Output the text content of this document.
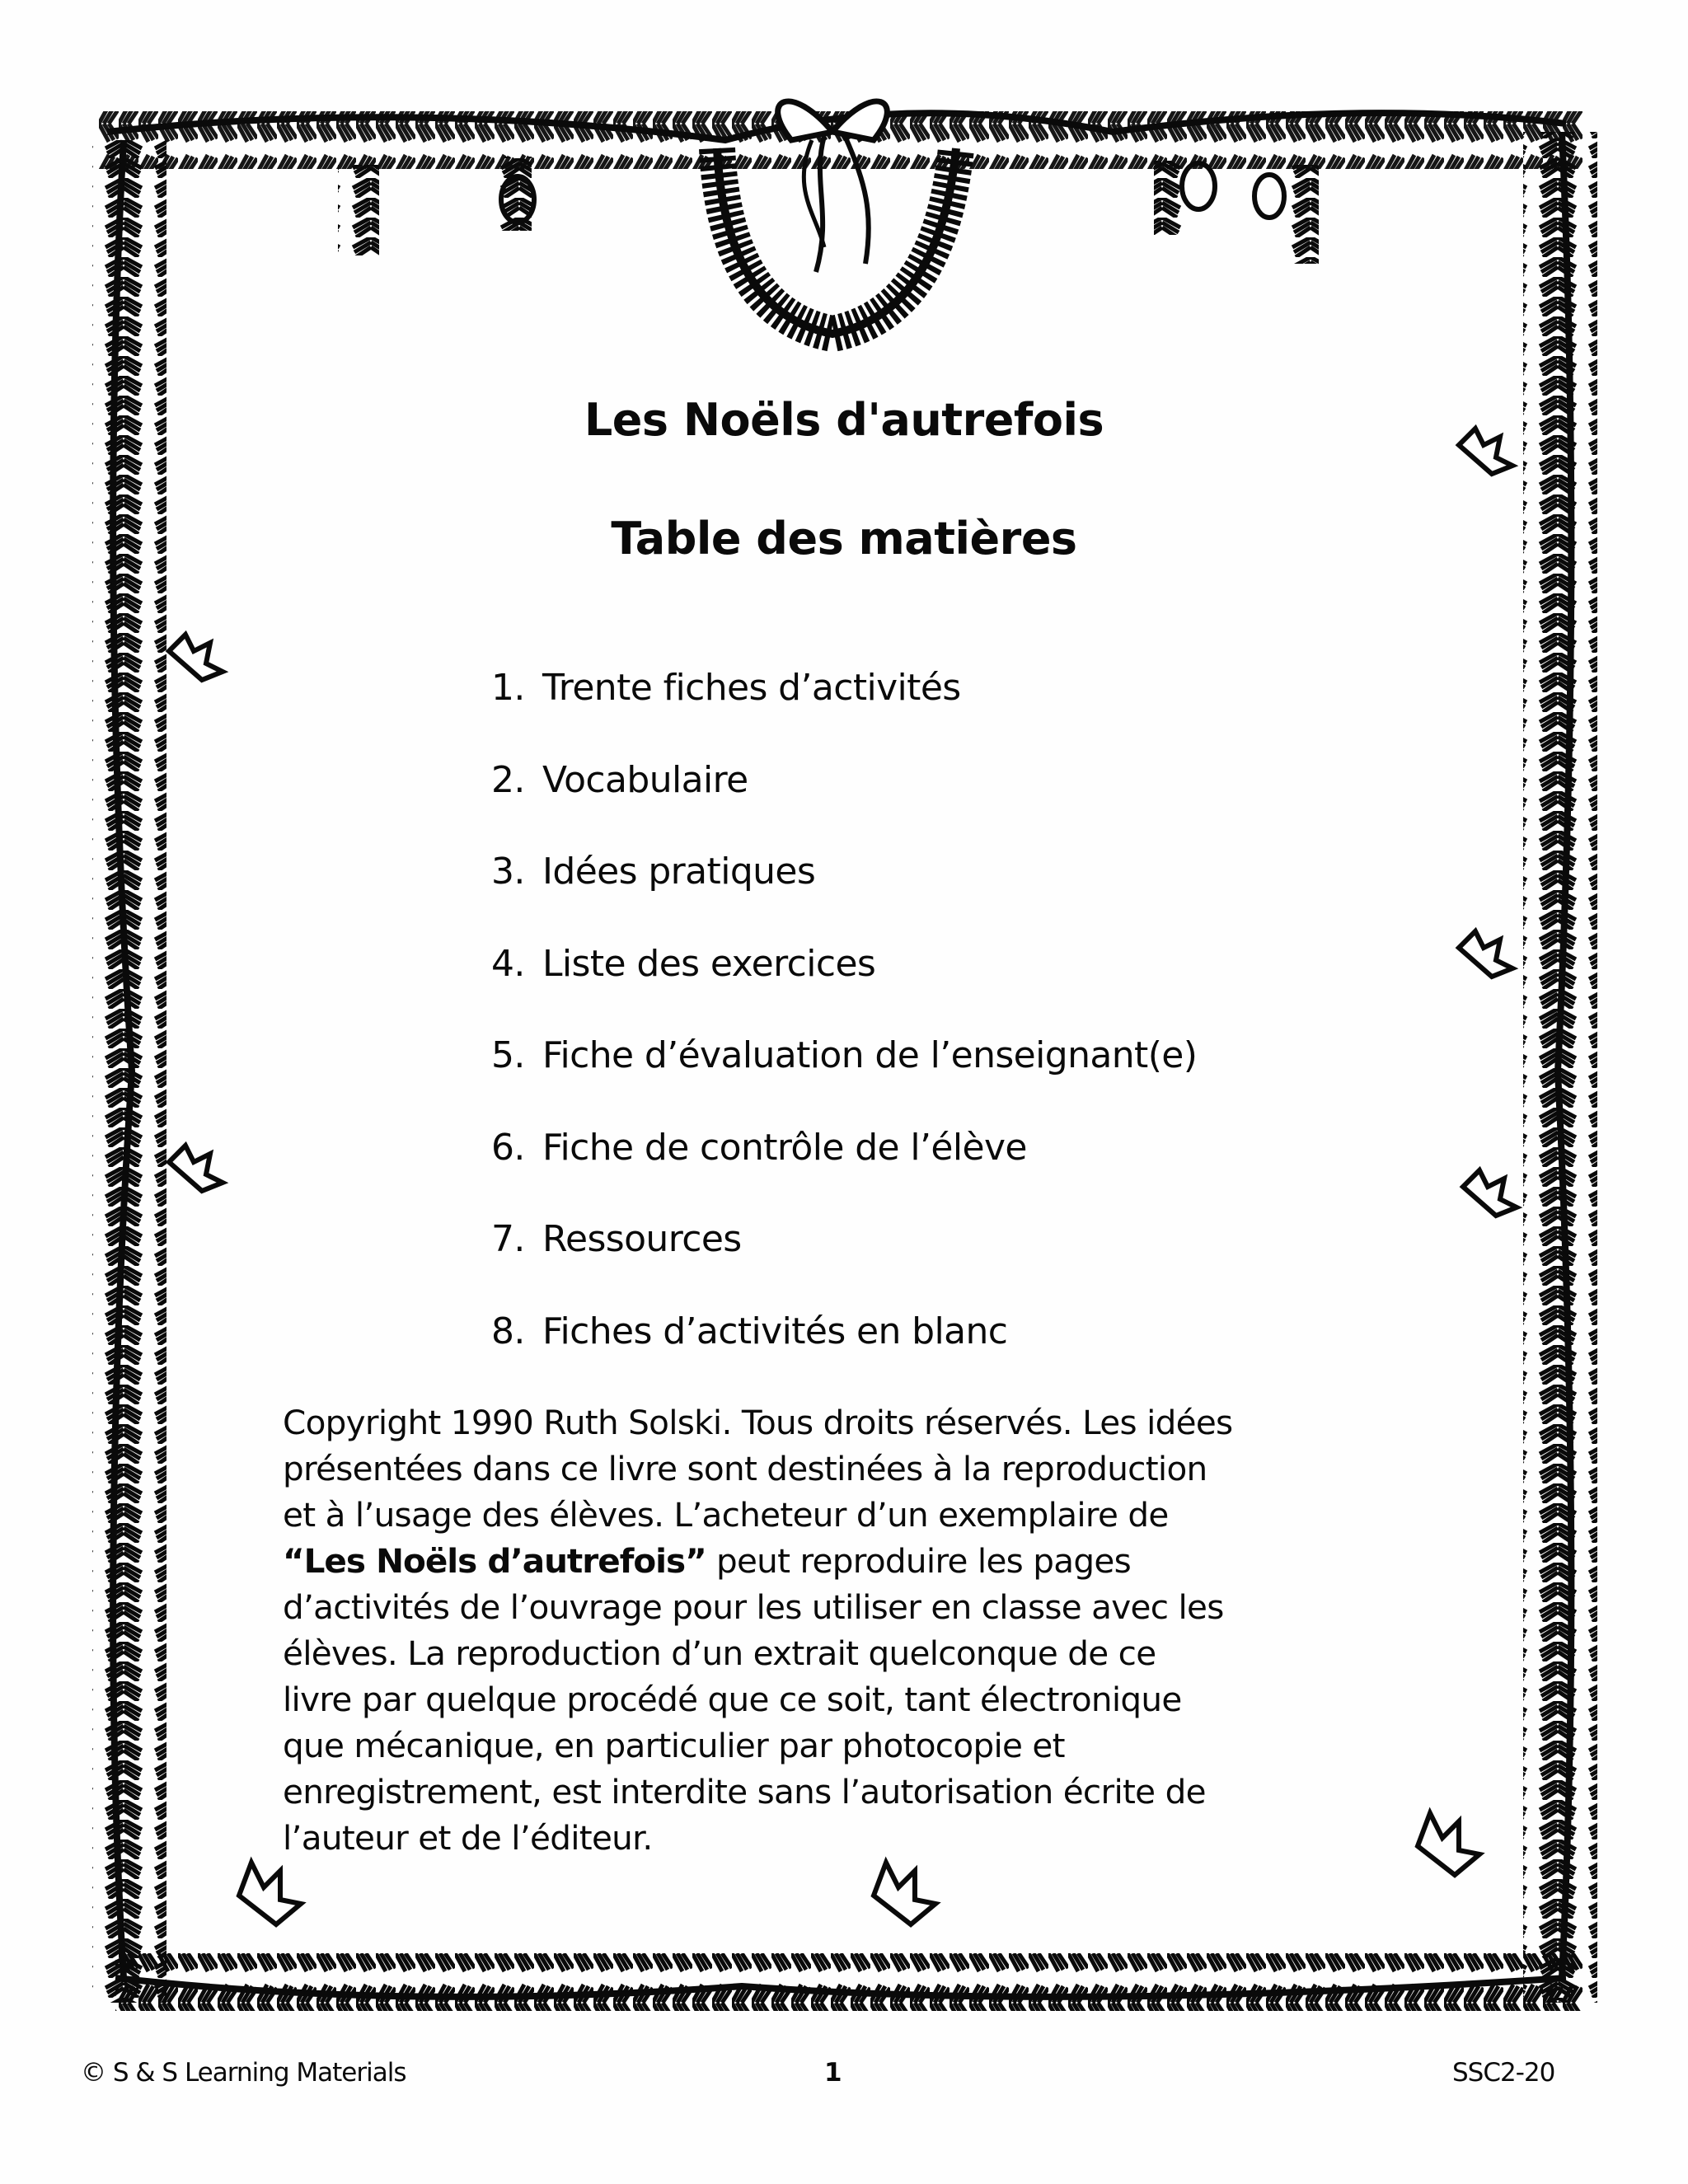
Les Noëls d'autrefois
Table des matières
1. Trente fiches d’activités
2. Vocabulaire
3. Idées pratiques
4. Liste des exercices
5. Fiche d’évaluation de l’enseignant(e)
6. Fiche de contrôle de l’élève
7. Ressources
8. Fiches d’activités en blanc
Copyright 1990 Ruth Solski. Tous droits réservés. Les idées
présentées dans ce livre sont destinées à la reproduction
et à l’usage des élèves. L’acheteur d’un exemplaire de
“Les Noëls d’autrefois” peut reproduire les pages
d’activités de l’ouvrage pour les utiliser en classe avec les
élèves. La reproduction d’un extrait quelconque de ce
livre par quelque procédé que ce soit, tant électronique
que mécanique, en particulier par photocopie et
enregistrement, est interdite sans l’autorisation écrite de
l’auteur et de l’éditeur.
© S & S Learning Materials	1	SSC2-20
